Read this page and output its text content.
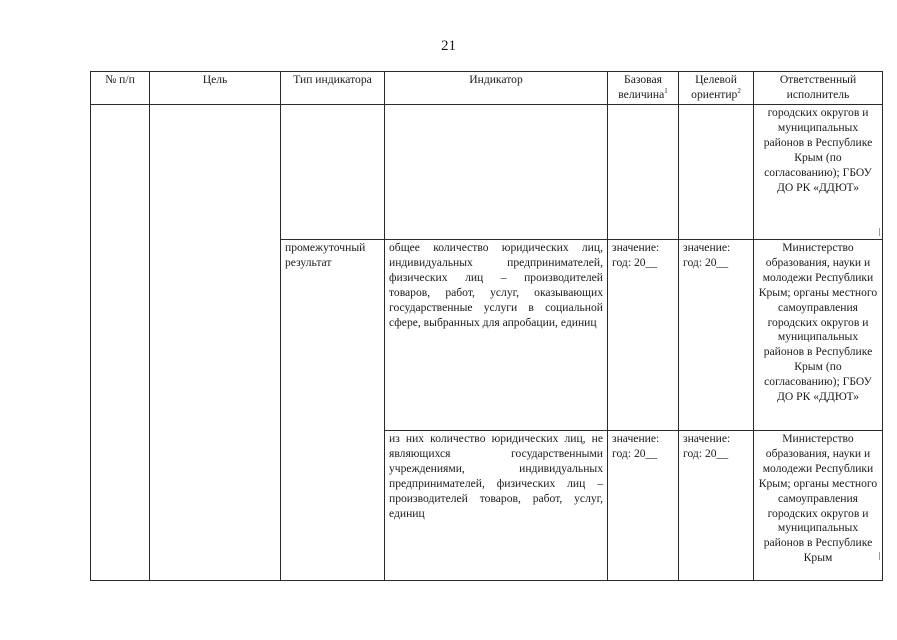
21
№ п/п	Цель	Тип индикатора	Индикатор	Базовая величина$^1$	Целевой ориентир$^2$	Ответственный исполнитель
						городских округов и муниципальных районов в Республике Крым (по согласованию); ГБОУ ДО РК «ДДЮТ»
		промежуточный результат	общее количество юридических лиц, индивидуальных предпринимателей, физических лиц – производителей товаров, работ, услуг, оказывающих государственные услуги в социальной сфере, выбранных для апробации, единиц	значение: год: 20__	значение: год: 20__	Министерство образования, науки и молодежи Республики Крым; органы местного самоуправления городских округов и муниципальных районов в Республике Крым (по согласованию); ГБОУ ДО РК «ДДЮТ»
			из них количество юридических лиц, не являющихся государственными учреждениями, индивидуальных предпринимателей, физических лиц – производителей товаров, работ, услуг, единиц	значение: год: 20__	значение: год: 20__	Министерство образования, науки и молодежи Республики Крым; органы местного самоуправления городских округов и муниципальных районов в Республике Крым
